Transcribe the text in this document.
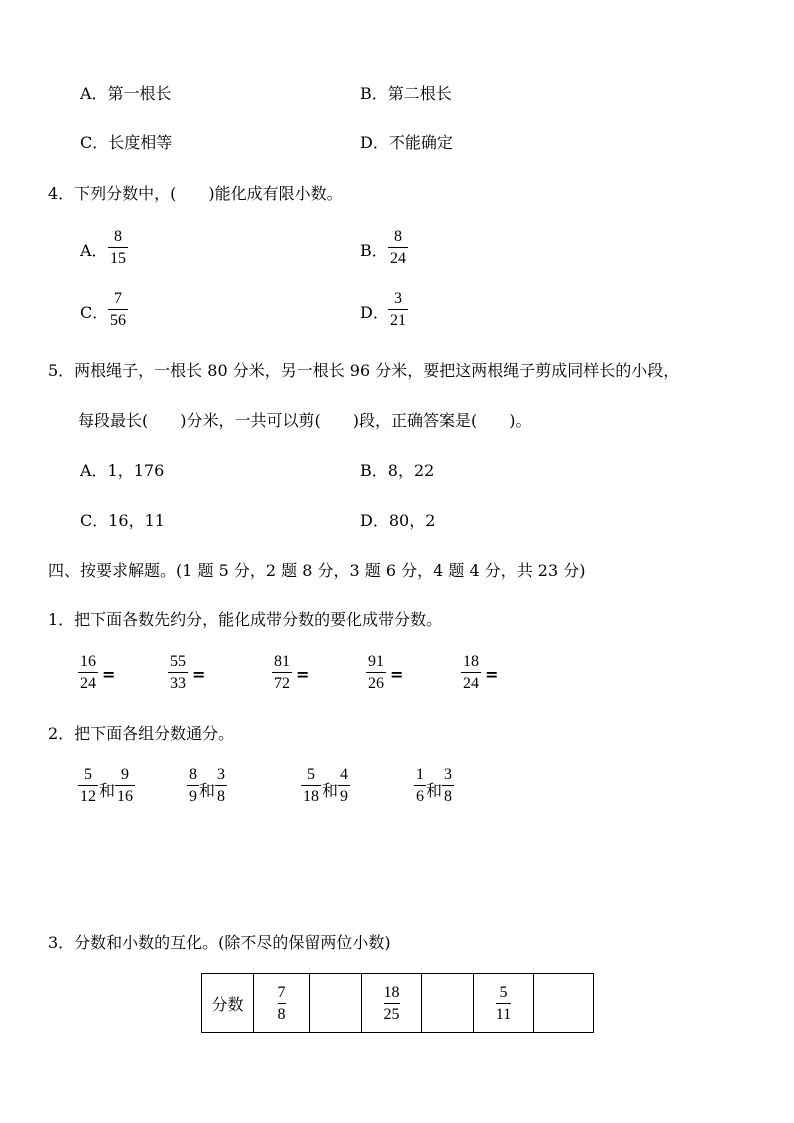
A．第一根长	B．第二根长
C．长度相等	D．不能确定
4．下列分数中，(　　)能化成有限小数。
A．
8
15	B．
8
24
C．
7
56	D．
3
21
5．两根绳子，一根长 80 分米，另一根长 96 分米，要把这两根绳子剪成同样长的小段，
每段最长(　　)分米，一共可以剪(　　)段，正确答案是(　　)。
A．1，176	B．8，22
C．16，11	D．80，2
四、按要求解题。(1 题 5 分，2 题 8 分，3 题 6 分，4 题 4 分，共 23 分)
1．把下面各数先约分，能化成带分数的要化成带分数。
16
24 =
55
33 =
81
72 =
91
26 =
18
24 =
2．把下面各组分数通分。
5
12 和
9
16
8
9 和
3
8
5
18 和
4
9
1
6 和
3
8
3．分数和小数的互化。(除不尽的保留两位小数)
分数	$\frac{7}{8}$		$\frac{18}{25}$		$\frac{5}{11}$
